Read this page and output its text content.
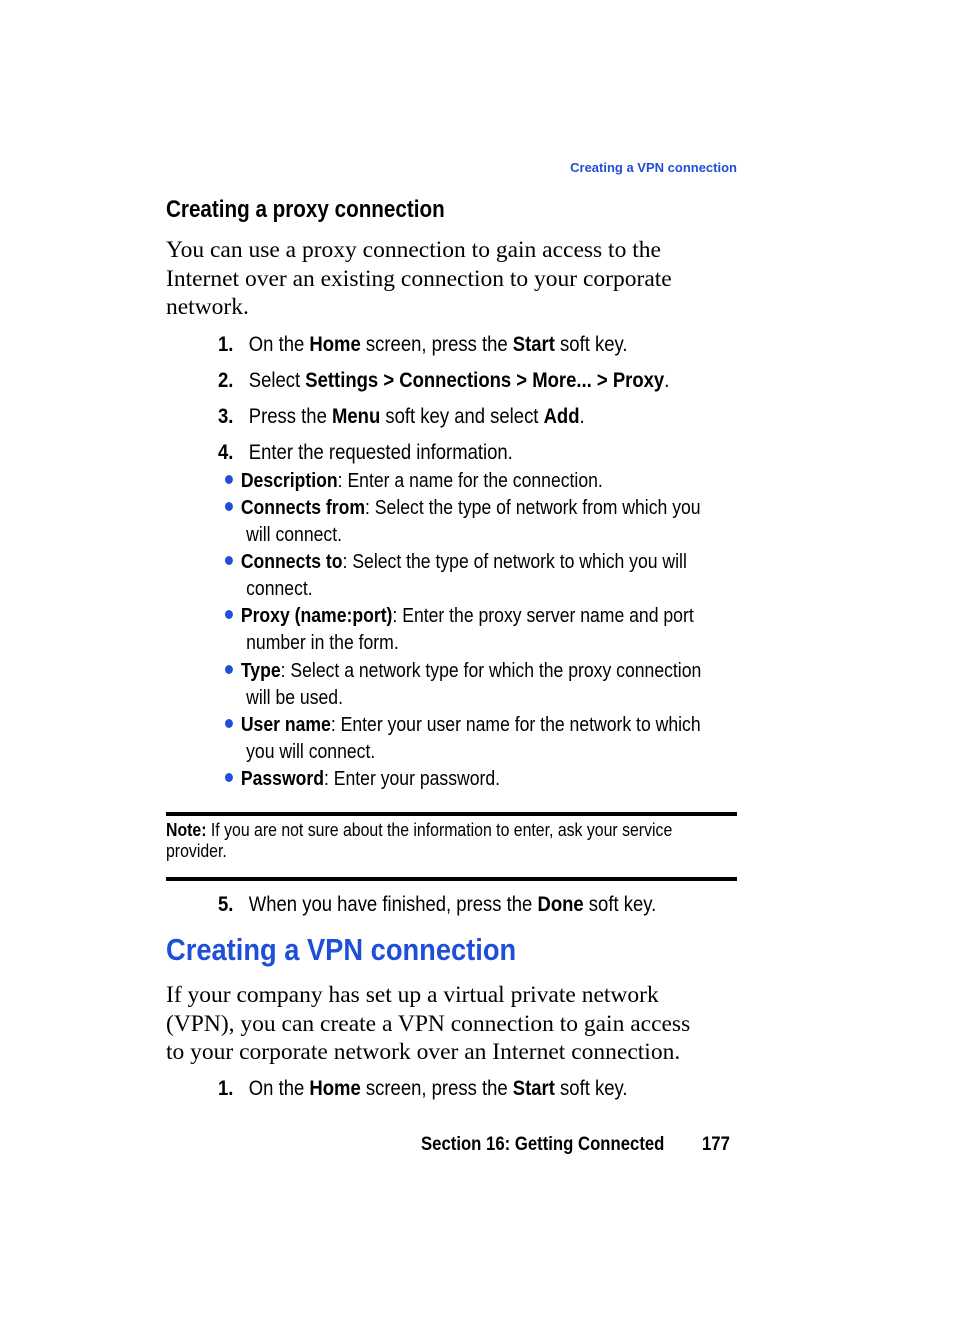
Creating a VPN connection
Creating a proxy connection
You can use a proxy connection to gain access to the
Internet over an existing connection to your corporate
network.
1. On the Home screen, press the Start soft key.
2. Select Settings > Connections > More... > Proxy.
3. Press the Menu soft key and select Add.
4. Enter the requested information.
Description: Enter a name for the connection.
Connects from: Select the type of network from which you
will connect.
Connects to: Select the type of network to which you will
connect.
Proxy (name:port): Enter the proxy server name and port
number in the form.
Type: Select a network type for which the proxy connection
will be used.
User name: Enter your user name for the network to which
you will connect.
Password: Enter your password.
Note: If you are not sure about the information to enter, ask your service
provider.
5. When you have finished, press the Done soft key.
Creating a VPN connection
If your company has set up a virtual private network
(VPN), you can create a VPN connection to gain access
to your corporate network over an Internet connection.
1. On the Home screen, press the Start soft key.
Section 16: Getting Connected 177
